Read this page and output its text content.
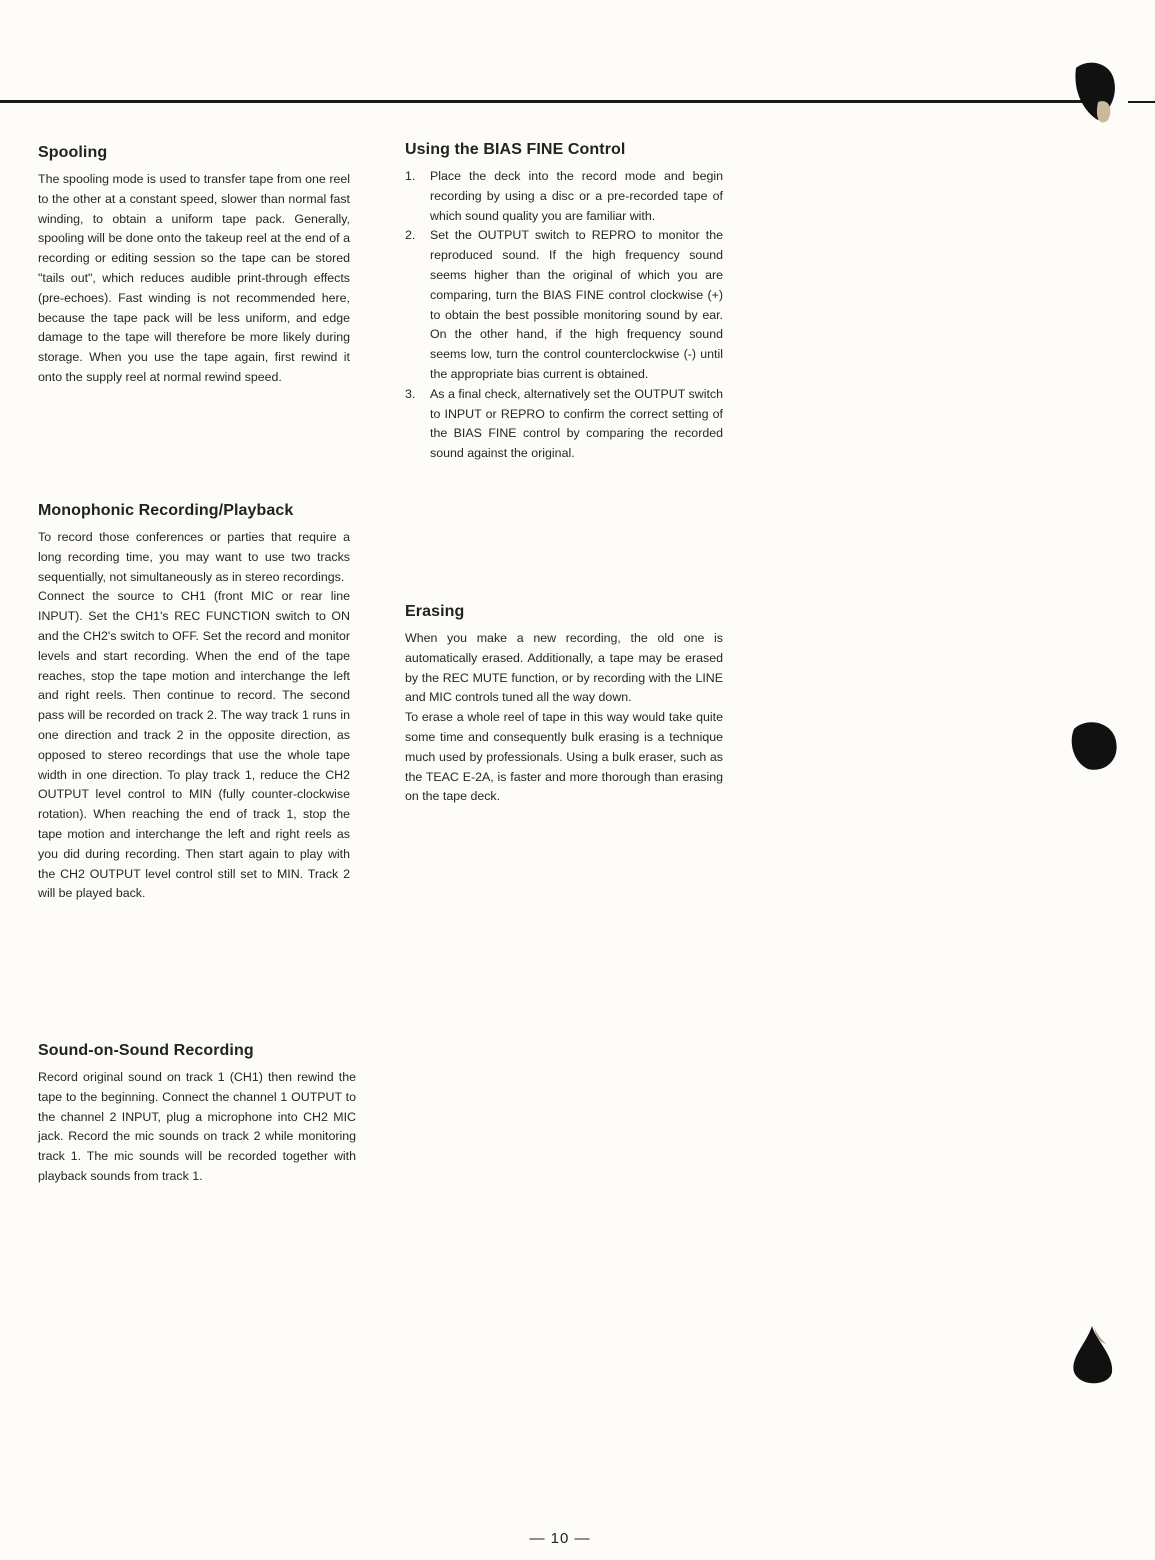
Spooling

The spooling mode is used to transfer tape from one reel to the other at a constant speed, slower than normal fast winding, to obtain a uniform tape pack. Generally, spooling will be done onto the takeup reel at the end of a recording or editing session so the tape can be stored "tails out", which reduces audible print-through effects (pre-echoes). Fast winding is not recommended here, because the tape pack will be less uniform, and edge damage to the tape will therefore be more likely during storage. When you use the tape again, first rewind it onto the supply reel at normal rewind speed.

Monophonic Recording/Playback

To record those conferences or parties that require a long recording time, you may want to use two tracks sequentially, not simultaneously as in stereo recordings.

Connect the source to CH1 (front MIC or rear line INPUT). Set the CH1's REC FUNCTION switch to ON and the CH2's switch to OFF. Set the record and monitor levels and start recording. When the end of the tape reaches, stop the tape motion and interchange the left and right reels. Then continue to record. The second pass will be recorded on track 2. The way track 1 runs in one direction and track 2 in the opposite direction, as opposed to stereo recordings that use the whole tape width in one direction. To play track 1, reduce the CH2 OUTPUT level control to MIN (fully counter-clockwise rotation). When reaching the end of track 1, stop the tape motion and interchange the left and right reels as you did during recording. Then start again to play with the CH2 OUTPUT level control still set to MIN. Track 2 will be played back.

Sound-on-Sound Recording

Record original sound on track 1 (CH1) then rewind the tape to the beginning. Connect the channel 1 OUTPUT to the channel 2 INPUT, plug a microphone into CH2 MIC jack. Record the mic sounds on track 2 while monitoring track 1. The mic sounds will be recorded together with playback sounds from track 1.

Using the BIAS FINE Control
1. Place the deck into the record mode and begin recording by using a disc or a pre-recorded tape of which sound quality you are familiar with.
2. Set the OUTPUT switch to REPRO to monitor the reproduced sound. If the high frequency sound seems higher than the original of which you are comparing, turn the BIAS FINE control clockwise (+) to obtain the best possible monitoring sound by ear. On the other hand, if the high frequency sound seems low, turn the control counterclockwise (-) until the appropriate bias current is obtained.
3. As a final check, alternatively set the OUTPUT switch to INPUT or REPRO to confirm the correct setting of the BIAS FINE control by comparing the recorded sound against the original.
Erasing

When you make a new recording, the old one is automatically erased. Additionally, a tape may be erased by the REC MUTE function, or by recording with the LINE and MIC controls tuned all the way down.

To erase a whole reel of tape in this way would take quite some time and consequently bulk erasing is a technique much used by professionals. Using a bulk eraser, such as the TEAC E-2A, is faster and more thorough than erasing on the tape deck.

— 10 —
